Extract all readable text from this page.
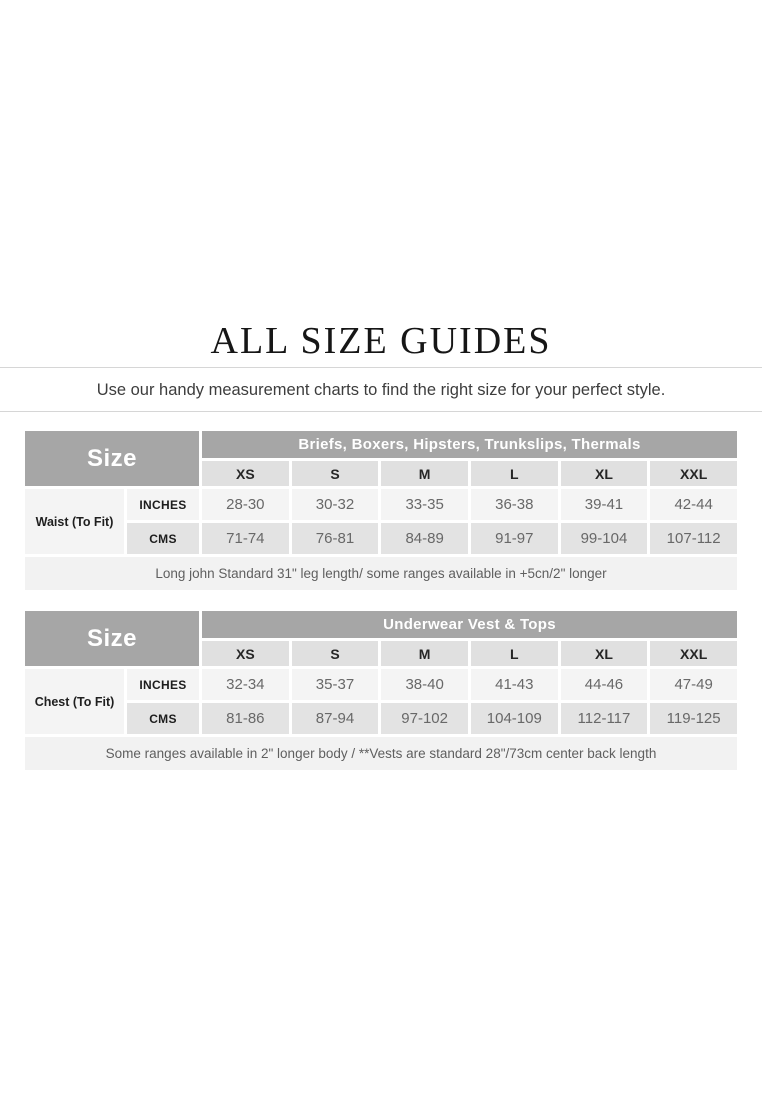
ALL SIZE GUIDES
Use our handy measurement charts to find the right size for your perfect style.
Size		Briefs, Boxers, Hipsters, Trunkslips, Thermals					
		XS	S	M	L	XL	XXL
Waist (To Fit)	INCHES	28-30	30-32	33-35	36-38	39-41	42-44
	CMS	71-74	76-81	84-89	91-97	99-104	107-112
Long john Standard 31" leg length/ some ranges available in +5cn/2" longer							
Size		Underwear Vest & Tops					
		XS	S	M	L	XL	XXL
Chest (To Fit)	INCHES	32-34	35-37	38-40	41-43	44-46	47-49
	CMS	81-86	87-94	97-102	104-109	112-117	119-125
Some ranges available in 2" longer body / **Vests are standard 28"/73cm center back length							
